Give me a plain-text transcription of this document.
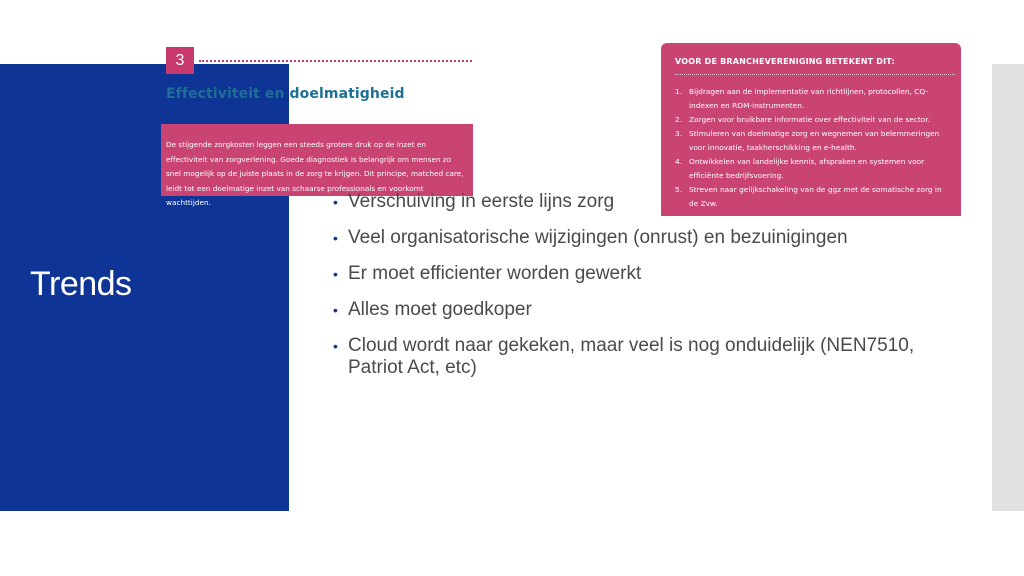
Trends
3
Effectiviteit en doelmatigheid
De stijgende zorgkosten leggen een steeds grotere druk op de inzet en effectiviteit van zorgverlening. Goede diagnostiek is belangrijk om mensen zo snel mogelijk op de juiste plaats in de zorg te krijgen. Dit principe, matched care, leidt tot een doelmatige inzet van schaarse professionals en voorkomt wachttijden.
VOOR DE BRANCHEVERENIGING BETEKENT DIT:
1. Bijdragen aan de implementatie van richtlijnen, protocollen, CQ-indexen en ROM-instrumenten.
2. Zorgen voor bruikbare informatie over effectiviteit van de sector.
3. Stimuleren van doelmatige zorg en wegnemen van belemmeringen voor innovatie, taakherschikking en e-health.
4. Ontwikkelen van landelijke kennis, afspraken en systemen voor efficiënte bedrijfsvoering.
5. Streven naar gelijkschakeling van de ggz met de somatische zorg in de Zvw.
• Verschuiving in eerste lijns zorg
• Veel organisatorische wijzigingen (onrust) en bezuinigingen
• Er moet efficienter worden gewerkt
• Alles moet goedkoper
• Cloud wordt naar gekeken, maar veel is nog onduidelijk (NEN7510, Patriot Act, etc)
